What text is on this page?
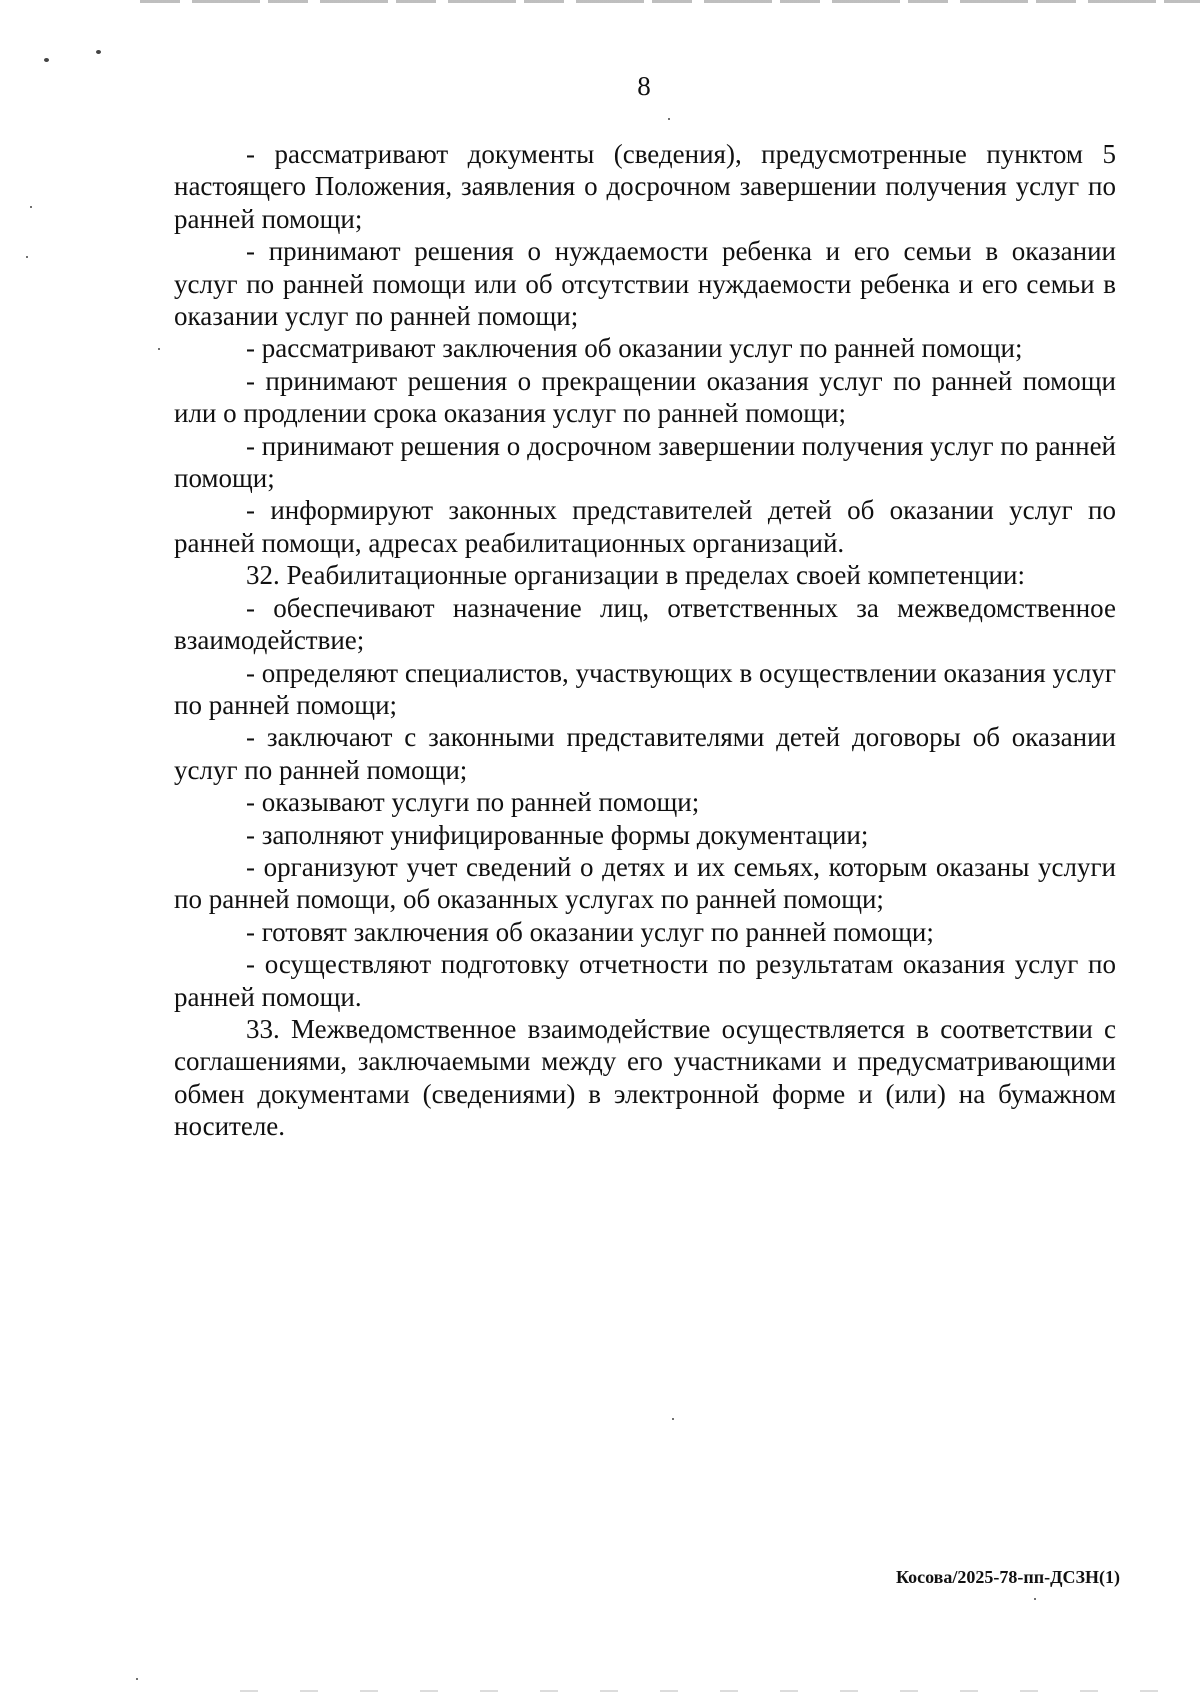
8

- рассматривают документы (сведения), предусмотренные пунктом 5 настоящего Положения, заявления о досрочном завершении получения услуг по ранней помощи;

- принимают решения о нуждаемости ребенка и его семьи в оказании услуг по ранней помощи или об отсутствии нуждаемости ребенка и его семьи в оказании услуг по ранней помощи;

- рассматривают заключения об оказании услуг по ранней помощи;

- принимают решения о прекращении оказания услуг по ранней помощи или о продлении срока оказания услуг по ранней помощи;

- принимают решения о досрочном завершении получения услуг по ранней помощи;

- информируют законных представителей детей об оказании услуг по ранней помощи, адресах реабилитационных организаций.

32. Реабилитационные организации в пределах своей компетенции:

- обеспечивают назначение лиц, ответственных за межведомственное взаимодействие;

- определяют специалистов, участвующих в осуществлении оказания услуг по ранней помощи;

- заключают с законными представителями детей договоры об оказании услуг по ранней помощи;

- оказывают услуги по ранней помощи;

- заполняют унифицированные формы документации;

- организуют учет сведений о детях и их семьях, которым оказаны услуги по ранней помощи, об оказанных услугах по ранней помощи;

- готовят заключения об оказании услуг по ранней помощи;

- осуществляют подготовку отчетности по результатам оказания услуг по ранней помощи.

33. Межведомственное взаимодействие осуществляется в соответствии с соглашениями, заключаемыми между его участниками и предусматривающими обмен документами (сведениями) в электронной форме и (или) на бумажном носителе.

Косова/2025-78-пп-ДСЗН(1)
